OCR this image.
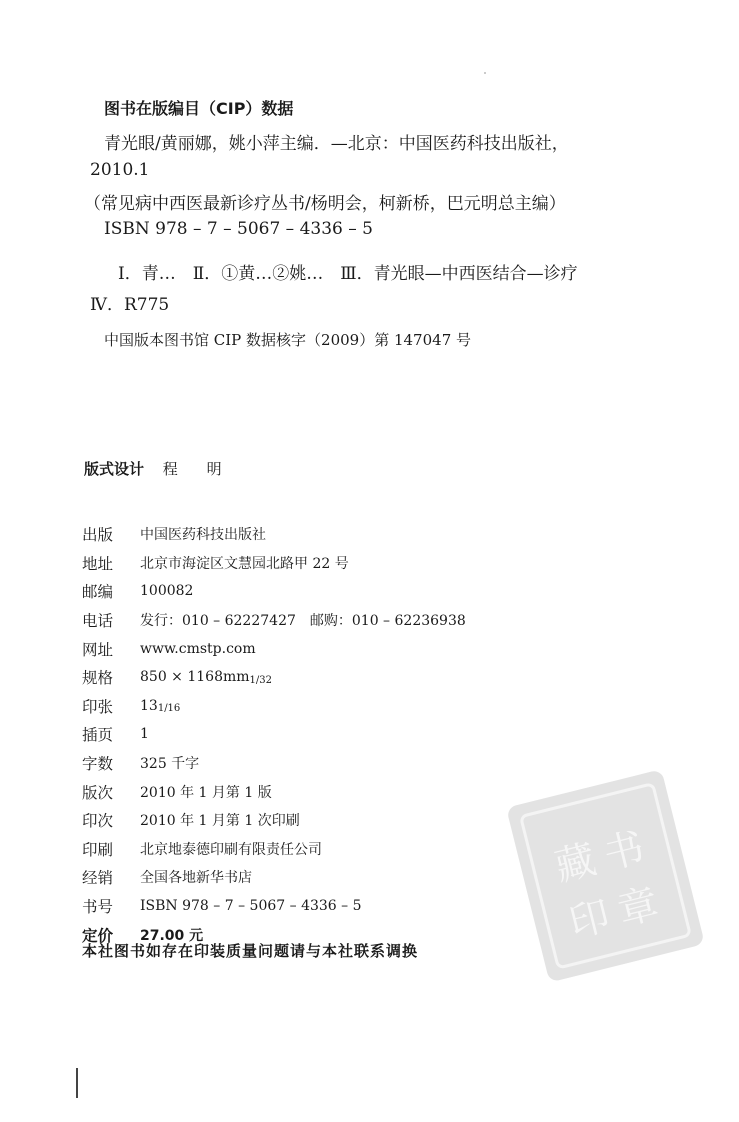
图书在版编目（CIP）数据
青光眼/黄丽娜，姚小萍主编．—北京：中国医药科技出版社，
2010.1
（常见病中西医最新诊疗丛书/杨明会，柯新桥，巴元明总主编）
ISBN 978 – 7 – 5067 – 4336 – 5
Ⅰ．青…　Ⅱ．①黄…②姚…　Ⅲ．青光眼—中西医结合—诊疗
Ⅳ．R775
中国版本图书馆 CIP 数据核字（2009）第 147047 号
版式设计 程 明
出版	中国医药科技出版社
地址	北京市海淀区文慧园北路甲 22 号
邮编	100082
电话	发行：010 – 62227427　邮购：010 – 62236938
网址	www.cmstp.com
规格	850 × 1168mm 1/32
印张	13 1/16
插页	1
字数	325 千字
版次	2010 年 1 月第 1 版
印次	2010 年 1 月第 1 次印刷
印刷	北京地泰德印刷有限责任公司
经销	全国各地新华书店
书号	ISBN 978 – 7 – 5067 – 4336 – 5
定价	27.00 元
本社图书如存在印装质量问题请与本社联系调换
藏
书
印
章
